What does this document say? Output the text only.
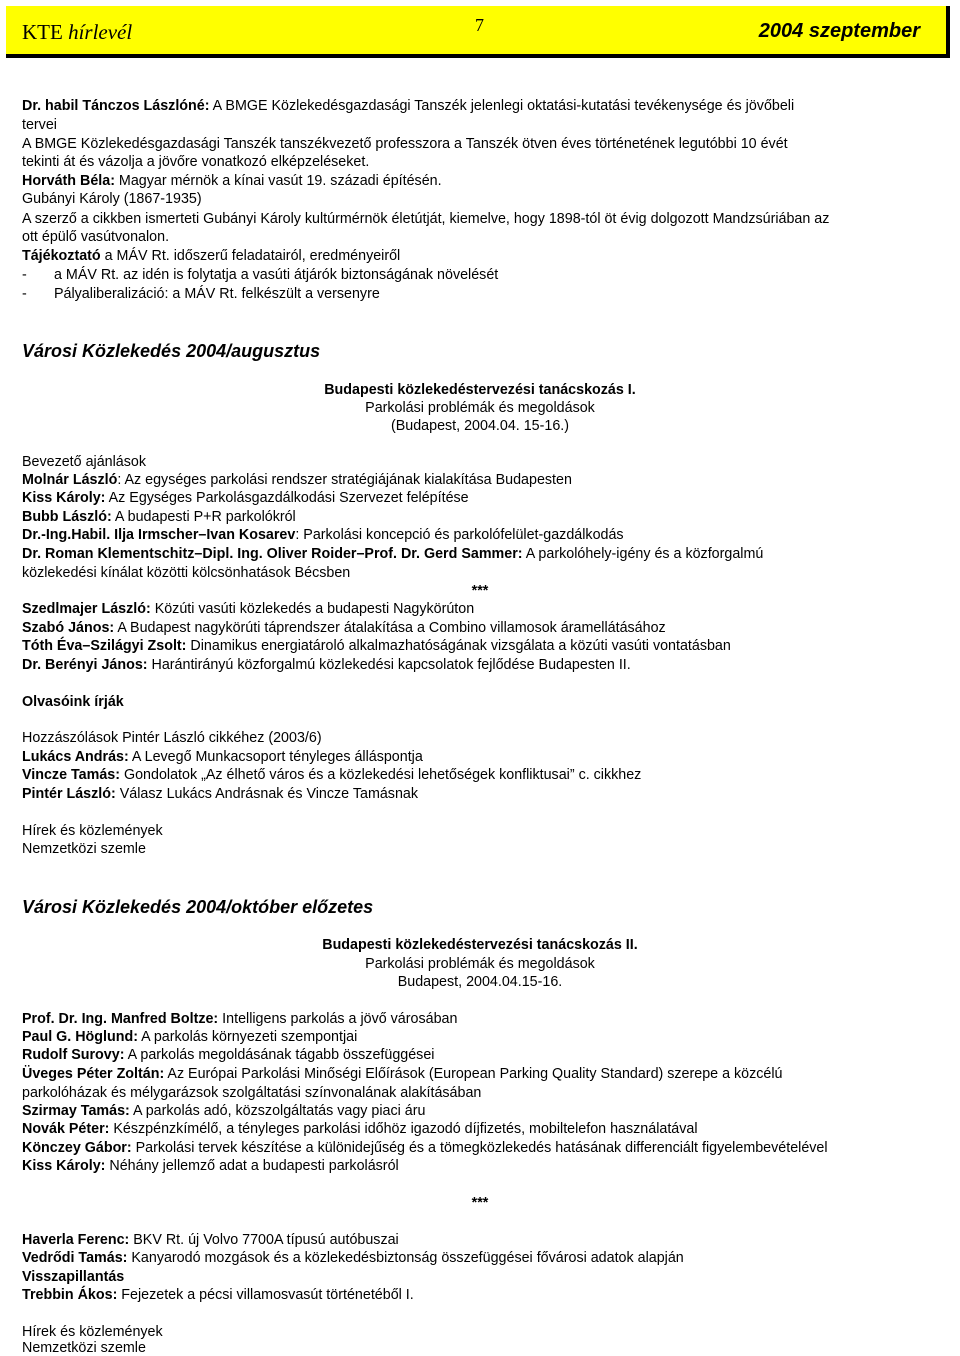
KTE hírlevél	7	2004 szeptember
Dr. habil Tánczos Lászlóné: A BMGE Közlekedésgazdasági Tanszék jelenlegi oktatási-kutatási tevékenysége és jövőbeli
tervei
A BMGE Közlekedésgazdasági Tanszék tanszékvezető professzora a Tanszék ötven éves történetének legutóbbi 10 évét
tekinti át és vázolja a jövőre vonatkozó elképzeléseket.
Horváth Béla: Magyar mérnök a kínai vasút 19. századi építésén.
Gubányi Károly (1867-1935)
A szerző a cikkben ismerteti Gubányi Károly kultúrmérnök életútját, kiemelve, hogy 1898-tól öt évig dolgozott Mandzsúriában az
ott épülő vasútvonalon.
Tájékoztató a MÁV Rt. időszerű feladatairól, eredményeiről
- a MÁV Rt. az idén is folytatja a vasúti átjárók biztonságának növelését
- Pályaliberalizáció: a MÁV Rt. felkészült a versenyre
Városi Közlekedés 2004/augusztus
Budapesti közlekedéstervezési tanácskozás I.
Parkolási problémák és megoldások
(Budapest, 2004.04. 15-16.)
Bevezető ajánlások
Molnár László: Az egységes parkolási rendszer stratégiájának kialakítása Budapesten
Kiss Károly: Az Egységes Parkolásgazdálkodási Szervezet felépítése
Bubb László: A budapesti P+R parkolókról
Dr.-Ing.Habil. Ilja Irmscher–Ivan Kosarev: Parkolási koncepció és parkolófelület-gazdálkodás
Dr. Roman Klementschitz–Dipl. Ing. Oliver Roider–Prof. Dr. Gerd Sammer: A parkolóhely-igény és a közforgalmú
közlekedési kínálat közötti kölcsönhatások Bécsben
***
Szedlmajer László: Közúti vasúti közlekedés a budapesti Nagykörúton
Szabó János: A Budapest nagykörúti táprendszer átalakítása a Combino villamosok áramellátásához
Tóth Éva–Szilágyi Zsolt: Dinamikus energiatároló alkalmazhatóságának vizsgálata a közúti vasúti vontatásban
Dr. Berényi János: Harántirányú közforgalmú közlekedési kapcsolatok fejlődése Budapesten II.
Olvasóink írják
Hozzászólások Pintér László cikkéhez (2003/6)
Lukács András: A Levegő Munkacsoport tényleges álláspontja
Vincze Tamás: Gondolatok „Az élhető város és a közlekedési lehetőségek konfliktusai” c. cikkhez
Pintér László: Válasz Lukács Andrásnak és Vincze Tamásnak
Hírek és közlemények
Nemzetközi szemle
Városi Közlekedés 2004/október előzetes
Budapesti közlekedéstervezési tanácskozás II.
Parkolási problémák és megoldások
Budapest, 2004.04.15-16.
Prof. Dr. Ing. Manfred Boltze: Intelligens parkolás a jövő városában
Paul G. Höglund: A parkolás környezeti szempontjai
Rudolf Surovy: A parkolás megoldásának tágabb összefüggései
Üveges Péter Zoltán: Az Európai Parkolási Minőségi Előírások (European Parking Quality Standard) szerepe a közcélú
parkolóházak és mélygarázsok szolgáltatási színvonalának alakításában
Szirmay Tamás: A parkolás adó, közszolgáltatás vagy piaci áru
Novák Péter: Készpénzkímélő, a tényleges parkolási időhöz igazodó díjfizetés, mobiltelefon használatával
Könczey Gábor: Parkolási tervek készítése a különidejűség és a tömegközlekedés hatásának differenciált figyelembevételével
Kiss Károly: Néhány jellemző adat a budapesti parkolásról
***
Haverla Ferenc: BKV Rt. új Volvo 7700A típusú autóbuszai
Vedrődi Tamás: Kanyarodó mozgások és a közlekedésbiztonság összefüggései fővárosi adatok alapján
Visszapillantás
Trebbin Ákos: Fejezetek a pécsi villamosvasút történetéből I.
Hírek és közlemények
Nemzetközi szemle
